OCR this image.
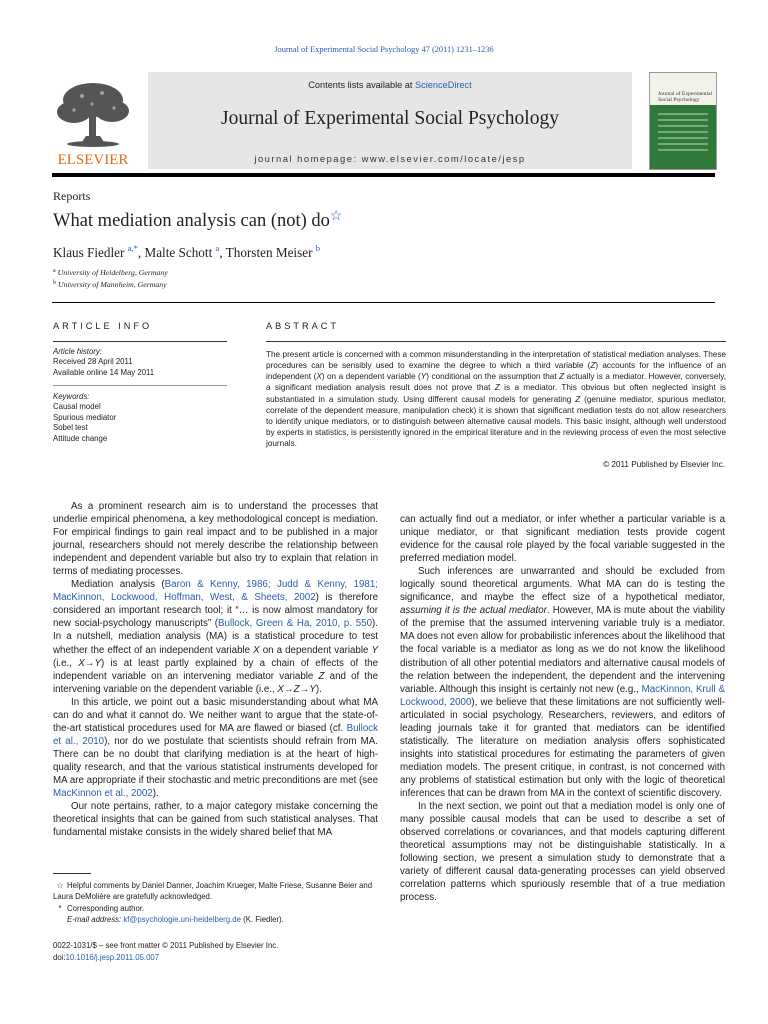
Journal of Experimental Social Psychology 47 (2011) 1231–1236
ELSEVIER
Contents lists available at ScienceDirect
Journal of Experimental Social Psychology
journal homepage: www.elsevier.com/locate/jesp
Journal of Experimental Social Psychology
Reports
What mediation analysis can (not) do☆
Klaus Fiedler $^{a,*}$, Malte Schott $^a$, Thorsten Meiser $^b$
$^a$ University of Heidelberg, Germany
$^b$ University of Mannheim, Germany
ARTICLE INFO	ABSTRACT
Article history:
Received 28 April 2011
Available online 14 May 2011
Keywords:
Causal model
Spurious mediator
Sobel test
Attitude change
The present article is concerned with a common misunderstanding in the interpretation of statistical mediation analyses. These procedures can be sensibly used to examine the degree to which a third variable (Z) accounts for the influence of an independent (X) on a dependent variable (Y) conditional on the assumption that Z actually is a mediator. However, conversely, a significant mediation analysis result does not prove that Z is a mediator. This obvious but often neglected insight is substantiated in a simulation study. Using different causal models for generating Z (genuine mediator, spurious mediator, correlate of the dependent measure, manipulation check) it is shown that significant mediation tests do not allow researchers to identify unique mediators, or to distinguish between alternative causal models. This basic insight, although well understood by experts in statistics, is persistently ignored in the empirical literature and in the reviewing process of even the most selective journals.
© 2011 Published by Elsevier Inc.

As a prominent research aim is to understand the processes that underlie empirical phenomena, a key methodological concept is mediation. For empirical findings to gain real impact and to be published in a major journal, researchers should not merely describe the relationship between independent and dependent variable but also try to explain that relation in terms of mediating processes.

Mediation analysis (Baron & Kenny, 1986; Judd & Kenny, 1981; MacKinnon, Lockwood, Hoffman, West, & Sheets, 2002) is therefore considered an important research tool; it “… is now almost mandatory for new social-psychology manuscripts” (Bullock, Green & Ha, 2010, p. 550). In a nutshell, mediation analysis (MA) is a statistical procedure to test whether the effect of an independent variable X on a dependent variable Y (i.e., X→Y) is at least partly explained by a chain of effects of the independent variable on an intervening mediator variable Z and of the intervening variable on the dependent variable (i.e., X→Z→Y).

In this article, we point out a basic misunderstanding about what MA can do and what it cannot do. We neither want to argue that the state-of-the-art statistical procedures used for MA are flawed or biased (cf. Bullock et al., 2010), nor do we postulate that scientists should refrain from MA. There can be no doubt that clarifying mediation is at the heart of high-quality research, and that the various statistical instruments developed for MA are appropriate if their stochastic and metric preconditions are met (see MacKinnon et al., 2002).

Our note pertains, rather, to a major category mistake concerning the theoretical insights that can be gained from such statistical analyses. That fundamental mistake consists in the widely shared belief that MA

can actually find out a mediator, or infer whether a particular variable is a unique mediator, or that significant mediation tests provide cogent evidence for the causal role played by the focal variable suggested in the preferred mediation model.

Such inferences are unwarranted and should be excluded from logically sound theoretical arguments. What MA can do is testing the significance, and maybe the effect size of a hypothetical mediator, assuming it is the actual mediator. However, MA is mute about the viability of the premise that the assumed intervening variable truly is a mediator. MA does not even allow for probabilistic inferences about the likelihood that the focal variable is a mediator as long as we do not know the likelihood distribution of all other potential mediators and alternative causal models of the relation between the independent, the dependent and the intervening variable. Although this insight is certainly not new (e.g., MacKinnon, Krull & Lockwood, 2000), we believe that these limitations are not sufficiently well-articulated in social psychology. Researchers, reviewers, and editors of leading journals take it for granted that mediators can be identified statistically. The literature on mediation analysis offers sophisticated insights into statistical procedures for estimating the parameters of given mediation models. The present critique, in contrast, is not concerned with any problems of statistical estimation but only with the logic of theoretical inferences that can be drawn from MA in the context of scientific discovery.

In the next section, we point out that a mediation model is only one of many possible causal models that can be used to describe a set of observed correlations or covariances, and that models capturing different theoretical assumptions may not be distinguishable statistically. In a following section, we present a simulation study to demonstrate that a variety of different causal data-generating processes can yield observed correlation patterns which spuriously resemble that of a true mediation process.

☆ Helpful comments by Daniel Danner, Joachim Krueger, Malte Friese, Susanne Beier and Laura DeMolière are gratefully acknowledged.
* Corresponding author.
E-mail address: kf@psychologie.uni-heidelberg.de (K. Fiedler).
0022-1031/$ – see front matter © 2011 Published by Elsevier Inc.
doi:10.1016/j.jesp.2011.05.007
